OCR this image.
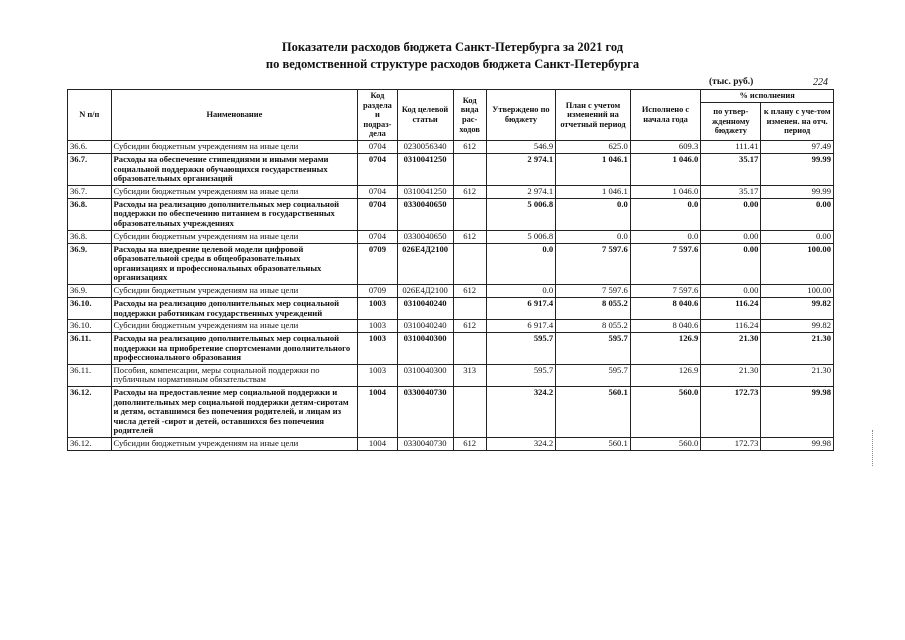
Показатели расходов бюджета Санкт-Петербурга за 2021 год
по ведомственной структуре расходов бюджета Санкт-Петербурга
(тыс. руб.)	224
N п/п	Наименование	Код раздела и подраз-дела	Код целевой статьи	Код вида рас-ходов	Утверждено по бюджету	План с учетом изменений на отчетный период	Исполнено с начала года	% исполнения	
								по утвер-жденному бюджету	к плану с уче-том изменен. на отч. период
36.6.	Субсидии бюджетным учреждениям на иные цели	0704	0230056340	612	546.9	625.0	609.3	111.41	97.49
36.7.	Расходы на обеспечение стипендиями и иными мерами социальной поддержки обучающихся государственных образовательных организаций	0704	0310041250		2 974.1	1 046.1	1 046.0	35.17	99.99
36.7.	Субсидии бюджетным учреждениям на иные цели	0704	0310041250	612	2 974.1	1 046.1	1 046.0	35.17	99.99
36.8.	Расходы на реализацию дополнительных мер социальной поддержки по обеспечению питанием в государственных образовательных учреждениях	0704	0330040650		5 006.8	0.0	0.0	0.00	0.00
36.8.	Субсидии бюджетным учреждениям на иные цели	0704	0330040650	612	5 006.8	0.0	0.0	0.00	0.00
36.9.	Расходы на внедрение целевой модели цифровой образовательной среды в общеобразовательных организациях и профессиональных образовательных организациях	0709	026Е4Д2100		0.0	7 597.6	7 597.6	0.00	100.00
36.9.	Субсидии бюджетным учреждениям на иные цели	0709	026Е4Д2100	612	0.0	7 597.6	7 597.6	0.00	100.00
36.10.	Расходы на реализацию дополнительных мер социальной поддержки работникам государственных учреждений	1003	0310040240		6 917.4	8 055.2	8 040.6	116.24	99.82
36.10.	Субсидии бюджетным учреждениям на иные цели	1003	0310040240	612	6 917.4	8 055.2	8 040.6	116.24	99.82
36.11.	Расходы на реализацию дополнительных мер социальной поддержки на приобретение спортсменами дополнительного профессионального образования	1003	0310040300		595.7	595.7	126.9	21.30	21.30
36.11.	Пособия, компенсации, меры социальной поддержки по публичным нормативным обязательствам	1003	0310040300	313	595.7	595.7	126.9	21.30	21.30
36.12.	Расходы на предоставление мер социальной поддержки и дополнительных мер социальной поддержки детям-сиротам и детям, оставшимся без попечения родителей, и лицам из числа детей -сирот и детей, оставшихся без попечения родителей	1004	0330040730		324.2	560.1	560.0	172.73	99.98
36.12.	Субсидии бюджетным учреждениям на иные цели	1004	0330040730	612	324.2	560.1	560.0	172.73	99.98
